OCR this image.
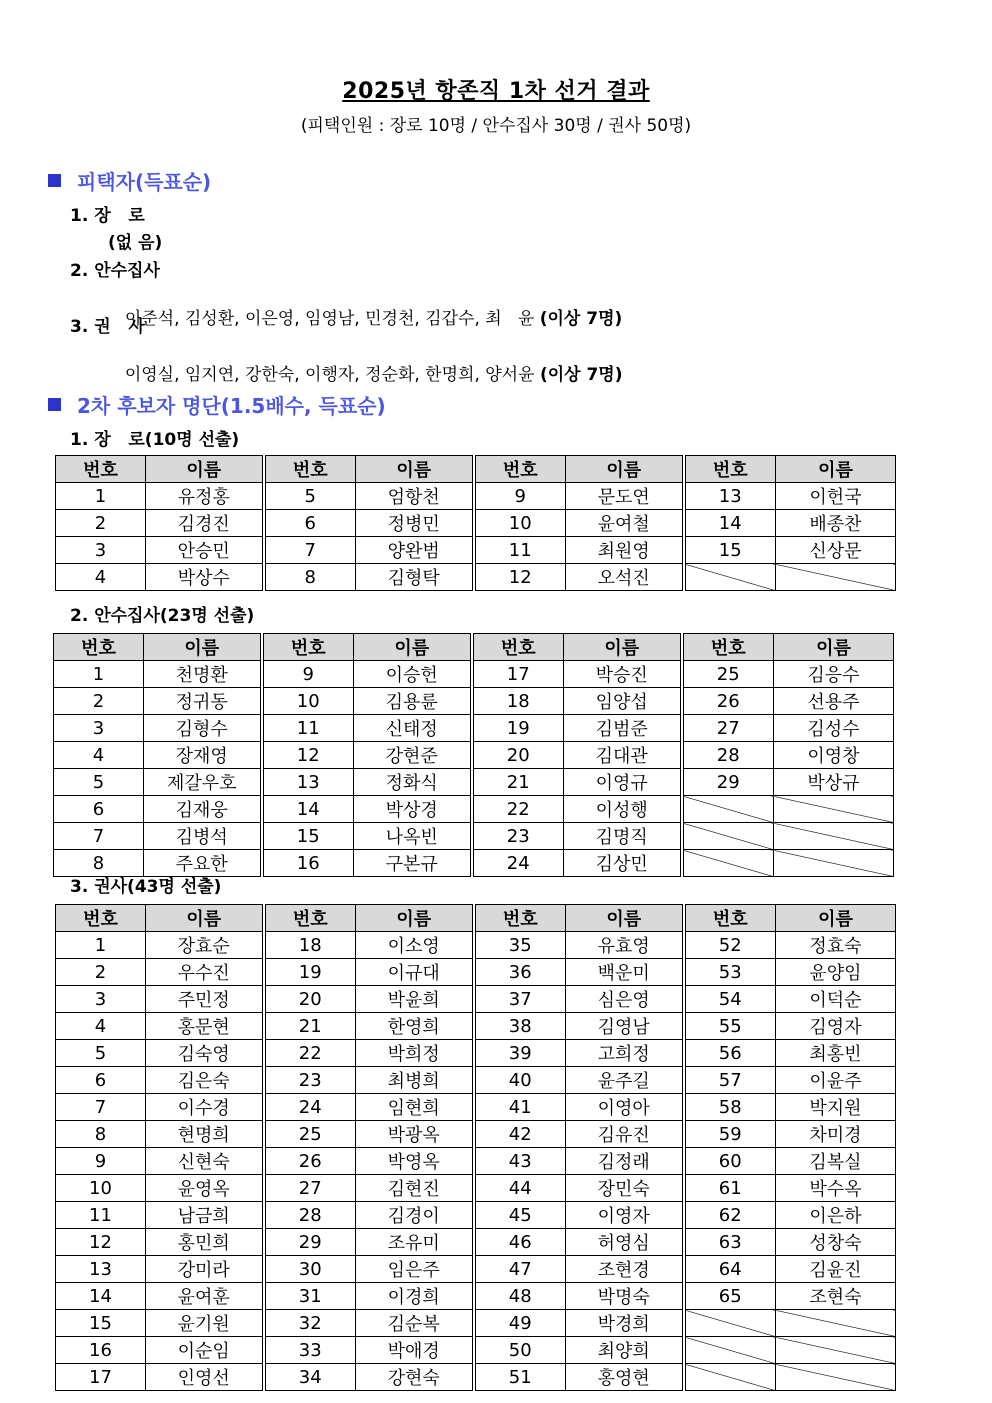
2025년 항존직 1차 선거 결과
(피택인원 : 장로 10명 / 안수집사 30명 / 권사 50명)
피택자(득표순)
1. 장   로
(없 음)
2. 안수집사

이준석, 김성환, 이은영, 임영남, 민경천, 김갑수, 최   윤 (이상 7명)

3. 권   사

이영실, 임지연, 강한숙, 이행자, 정순화, 한명희, 양서윤 (이상 7명)

2차 후보자 명단(1.5배수, 득표순)
1. 장   로(10명 선출)
2. 안수집사(23명 선출)
3. 권사(43명 선출)
번호	이름	번호	이름	번호	이름	번호	이름
1	유정홍	5	엄항천	9	문도연	13	이헌국
2	김경진	6	정병민	10	윤여철	14	배종찬
3	안승민	7	양완범	11	최원영	15	신상문
4	박상수	8	김형탁	12	오석진		
번호	이름	번호	이름	번호	이름	번호	이름
1	천명환	9	이승헌	17	박승진	25	김응수
2	정귀동	10	김용륜	18	임양섭	26	선용주
3	김형수	11	신태정	19	김범준	27	김성수
4	장재영	12	강현준	20	김대관	28	이영창
5	제갈우호	13	정화식	21	이영규	29	박상규
6	김재웅	14	박상경	22	이성행		
7	김병석	15	나옥빈	23	김명직		
8	주요한	16	구본규	24	김상민		
번호	이름	번호	이름	번호	이름	번호	이름
1	장효순	18	이소영	35	유효영	52	정효숙
2	우수진	19	이규대	36	백운미	53	윤양임
3	주민정	20	박윤희	37	심은영	54	이덕순
4	홍문현	21	한영희	38	김영남	55	김영자
5	김숙영	22	박희정	39	고희정	56	최홍빈
6	김은숙	23	최병희	40	윤주길	57	이윤주
7	이수경	24	임현희	41	이영아	58	박지원
8	현명희	25	박광옥	42	김유진	59	차미경
9	신현숙	26	박영옥	43	김정래	60	김복실
10	윤영옥	27	김현진	44	장민숙	61	박수옥
11	남금희	28	김경이	45	이영자	62	이은하
12	홍민희	29	조유미	46	허영심	63	성창숙
13	강미라	30	임은주	47	조현경	64	김윤진
14	윤여훈	31	이경희	48	박명숙	65	조현숙
15	윤기원	32	김순복	49	박경희		
16	이순임	33	박애경	50	최양희		
17	인영선	34	강현숙	51	홍영현		
